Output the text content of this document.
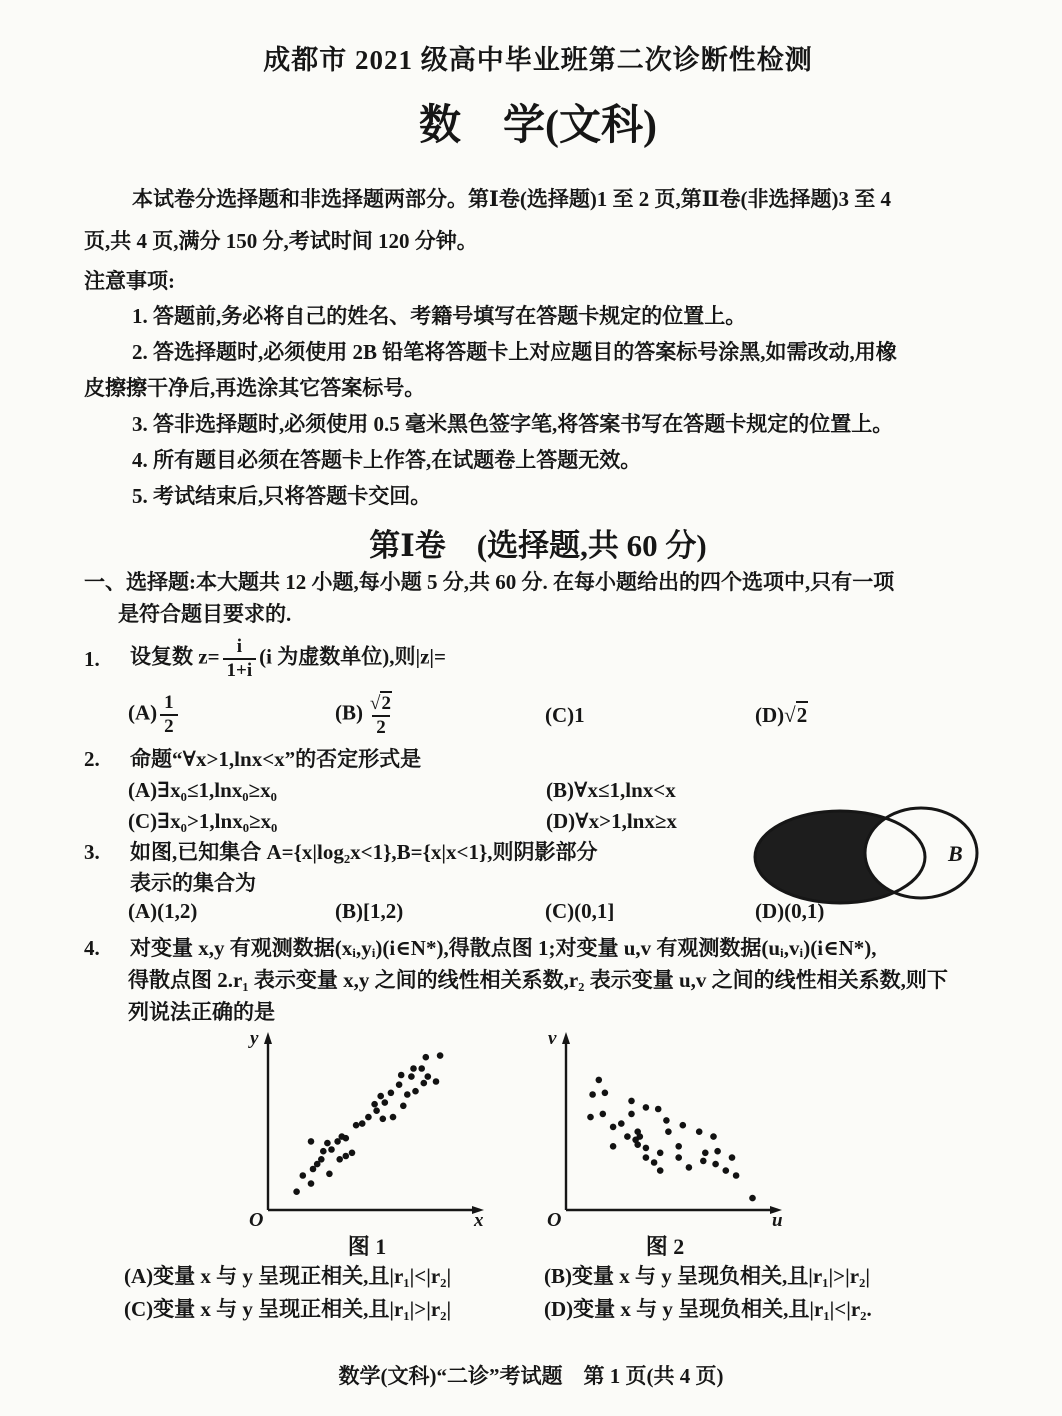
成都市 2021 级高中毕业班第二次诊断性检测
数　学(文科)
本试卷分选择题和非选择题两部分。第Ⅰ卷(选择题)1 至 2 页,第Ⅱ卷(非选择题)3 至 4
页,共 4 页,满分 150 分,考试时间 120 分钟。
注意事项:
1. 答题前,务必将自己的姓名、考籍号填写在答题卡规定的位置上。
2. 答选择题时,必须使用 2B 铅笔将答题卡上对应题目的答案标号涂黑,如需改动,用橡
皮擦擦干净后,再选涂其它答案标号。
3. 答非选择题时,必须使用 0.5 毫米黑色签字笔,将答案书写在答题卡规定的位置上。
4. 所有题目必须在答题卡上作答,在试题卷上答题无效。
5. 考试结束后,只将答题卡交回。
第Ⅰ卷　(选择题,共 60 分)
一、选择题:本大题共 12 小题,每小题 5 分,共 60 分. 在每小题给出的四个选项中,只有一项
是符合题目要求的.
1.	设复数 $z= \frac{i}{1+i} (i$ 为虚数单位),则|z|=
$(A) \frac{1}{2}$	$(B) \frac{√ 2}{2}$	(C)1	(D)√2
2.	命题“∀x>1,lnx<x”的否定形式是
(A)∃x₀≤1,lnx₀≥x₀	(B)∀x≤1,lnx<x
(C)∃x₀>1,lnx₀≥x₀	(D)∀x>1,lnx≥x
3.	如图,已知集合 A={x|log₂x<1},B={x|x<1},则阴影部分
表示的集合为
(A)(1,2)	(B)[1,2)	(C)(0,1]	(D)(0,1)
4.	对变量 x,y 有观测数据(xᵢ,yᵢ)(i∈N*),得散点图 1;对变量 u,v 有观测数据(uᵢ,vᵢ)(i∈N*),
得散点图 2.r₁ 表示变量 x,y 之间的线性相关系数,r₂ 表示变量 u,v 之间的线性相关系数,则下
列说法正确的是
y
x
O
图 1
v
u
O
图 2
(A)变量 x 与 y 呈现正相关,且|r₁|<|r₂|	(B)变量 x 与 y 呈现负相关,且|r₁|>|r₂|
(C)变量 x 与 y 呈现正相关,且|r₁|>|r₂|	(D)变量 x 与 y 呈现负相关,且|r₁|<|r₂.
B
数学(文科)“二诊”考试题　第 1 页(共 4 页)
